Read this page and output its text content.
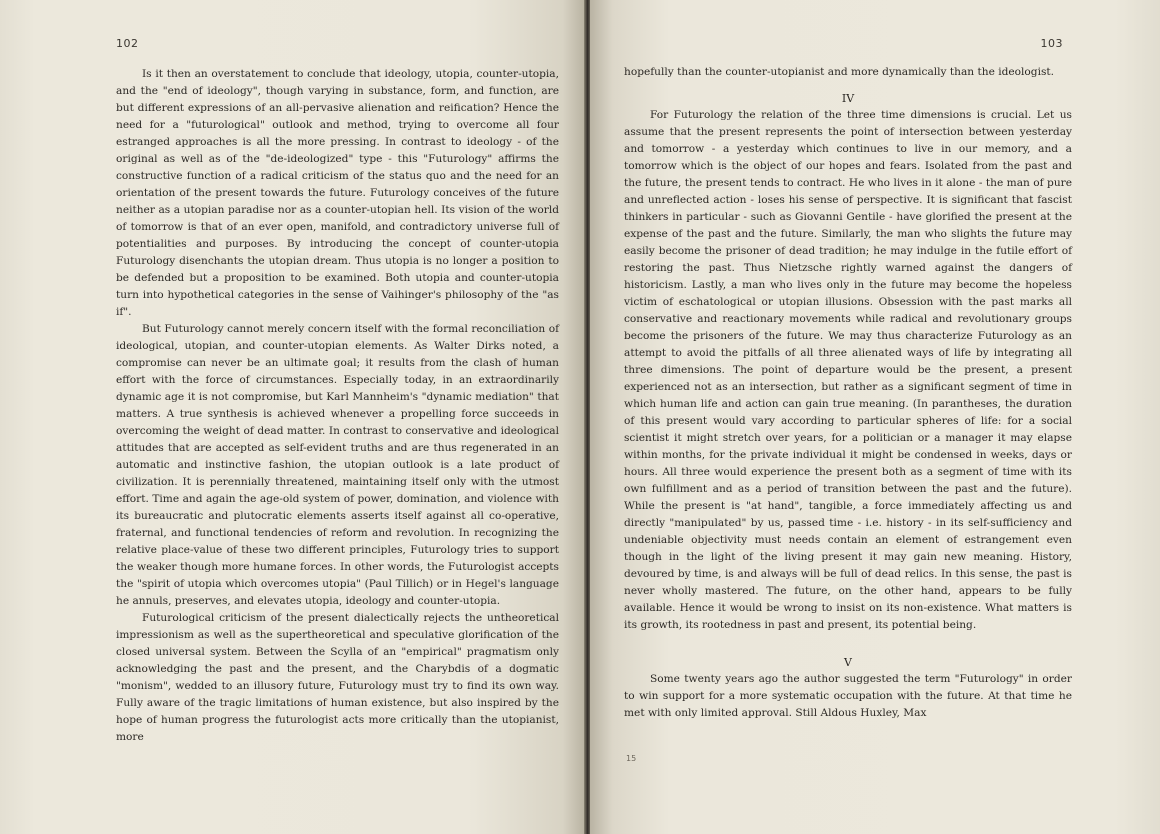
102

Is it then an overstatement to conclude that ideology, utopia, counter-utopia, and the "end of ideology", though varying in substance, form, and function, are but different expressions of an all-pervasive alienation and reification? Hence the need for a "futurological" outlook and method, trying to overcome all four estranged approaches is all the more pressing. In contrast to ideology - of the original as well as of the "de-ideologized" type - this "Futurology" affirms the constructive function of a radical criticism of the status quo and the need for an orientation of the present towards the future. Futurology conceives of the future neither as a utopian paradise nor as a counter-utopian hell. Its vision of the world of tomorrow is that of an ever open, manifold, and contradictory universe full of potentialities and purposes. By introducing the concept of counter-utopia Futurology disenchants the utopian dream. Thus utopia is no longer a position to be defended but a proposition to be examined. Both utopia and counter-utopia turn into hypothetical categories in the sense of Vaihinger's philosophy of the "as if".

But Futurology cannot merely concern itself with the formal reconciliation of ideological, utopian, and counter-utopian elements. As Walter Dirks noted, a compromise can never be an ultimate goal; it results from the clash of human effort with the force of circumstances. Especially today, in an extraordinarily dynamic age it is not compromise, but Karl Mannheim's "dynamic mediation" that matters. A true synthesis is achieved whenever a propelling force succeeds in overcoming the weight of dead matter. In contrast to conservative and ideological attitudes that are accepted as self-evident truths and are thus regenerated in an automatic and instinctive fashion, the utopian outlook is a late product of civilization. It is perennially threatened, maintaining itself only with the utmost effort. Time and again the age-old system of power, domination, and violence with its bureaucratic and plutocratic elements asserts itself against all co-operative, fraternal, and functional tendencies of reform and revolution. In recognizing the relative place-value of these two different principles, Futurology tries to support the weaker though more humane forces. In other words, the Futurologist accepts the "spirit of utopia which overcomes utopia" (Paul Tillich) or in Hegel's language he annuls, preserves, and elevates utopia, ideology and counter-utopia.

Futurological criticism of the present dialectically rejects the untheoretical impressionism as well as the supertheoretical and speculative glorification of the closed universal system. Between the Scylla of an "empirical" pragmatism only acknowledging the past and the present, and the Charybdis of a dogmatic "monism", wedded to an illusory future, Futurology must try to find its own way. Fully aware of the tragic limitations of human existence, but also inspired by the hope of human progress the futurologist acts more critically than the utopianist, more

103

hopefully than the counter-utopianist and more dynamically than the ideologist.

IV

For Futurology the relation of the three time dimensions is crucial. Let us assume that the present represents the point of intersection between yesterday and tomorrow - a yesterday which continues to live in our memory, and a tomorrow which is the object of our hopes and fears. Isolated from the past and the future, the present tends to contract. He who lives in it alone - the man of pure and unreflected action - loses his sense of perspective. It is significant that fascist thinkers in particular - such as Giovanni Gentile - have glorified the present at the expense of the past and the future. Similarly, the man who slights the future may easily become the prisoner of dead tradition; he may indulge in the futile effort of restoring the past. Thus Nietzsche rightly warned against the dangers of historicism. Lastly, a man who lives only in the future may become the hopeless victim of eschatological or utopian illusions. Obsession with the past marks all conservative and reactionary movements while radical and revolutionary groups become the prisoners of the future. We may thus characterize Futurology as an attempt to avoid the pitfalls of all three alienated ways of life by integrating all three dimensions. The point of departure would be the present, a present experienced not as an intersection, but rather as a significant segment of time in which human life and action can gain true meaning. (In parantheses, the duration of this present would vary according to particular spheres of life: for a social scientist it might stretch over years, for a politician or a manager it may elapse within months, for the private individual it might be condensed in weeks, days or hours. All three would experience the present both as a segment of time with its own fulfillment and as a period of transition between the past and the future). While the present is "at hand", tangible, a force immediately affecting us and directly "manipulated" by us, passed time - i.e. history - in its self-sufficiency and undeniable objectivity must needs contain an element of estrangement even though in the light of the living present it may gain new meaning. History, devoured by time, is and always will be full of dead relics. In this sense, the past is never wholly mastered. The future, on the other hand, appears to be fully available. Hence it would be wrong to insist on its non-existence. What matters is its growth, its rootedness in past and present, its potential being.

V

Some twenty years ago the author suggested the term "Futurology" in order to win support for a more systematic occupation with the future. At that time he met with only limited approval. Still Aldous Huxley, Max

15
